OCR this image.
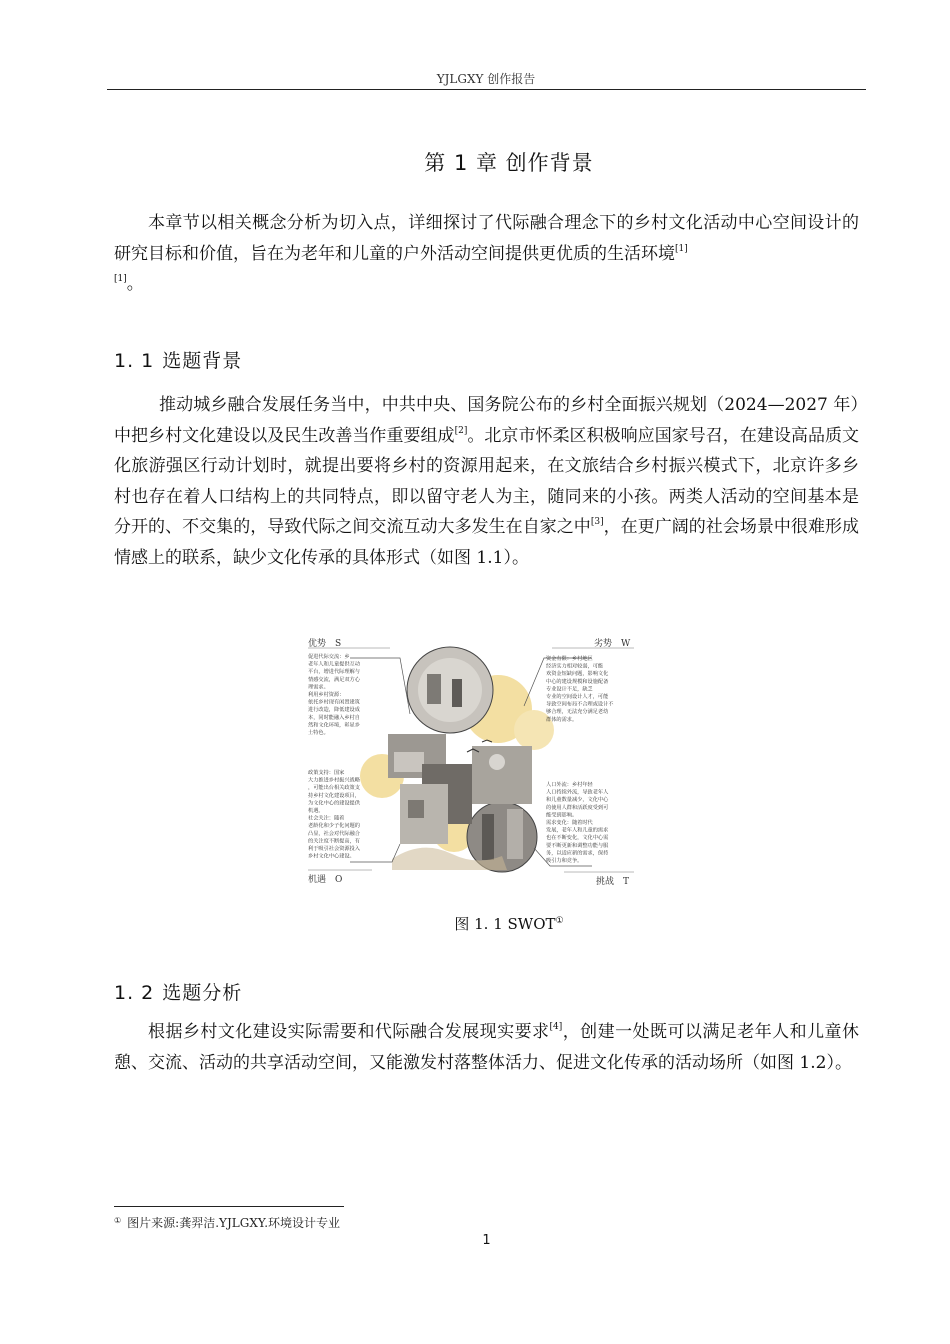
YJLGXY 创作报告
第 1 章 创作背景

本章节以相关概念分析为切入点，详细探讨了代际融合理念下的乡村文化活动中心空间设计的研究目标和价值，旨在为老年和儿童的户外活动空间提供更优质的生活环境[1]
[1]。

1. 1 选题背景

推动城乡融合发展任务当中，中共中央、国务院公布的乡村全面振兴规划（2024—2027 年）中把乡村文化建设以及民生改善当作重要组成[2]。北京市怀柔区积极响应国家号召，在建设高品质文化旅游强区行动计划时，就提出要将乡村的资源用起来，在文旅结合乡村振兴模式下，北京许多乡村也存在着人口结构上的共同特点，即以留守老人为主，随同来的小孩。两类人活动的空间基本是分开的、不交集的，导致代际之间交流互动大多发生在自家之中[3]，在更广阔的社会场景中很难形成情感上的联系，缺少文化传承的具体形式（如图 1.1）。

优势　S	劣势　W
机遇　O	挑战　T
促进代际交流：乡
老年人和儿童提供互动
平台，增进代际理解与
情感交流，满足双方心
理需求。
利用乡村资源：
依托乡村现有闲置建筑
进行改造，降低建设成
本，同时能融入乡村自
然和文化环境，彰显乡
土特色。
资金有限：乡村地区
经济实力相对较弱，可能
欢资金短缺问题，影响文化
中心的建设规模和设施配备
专业设计不足，缺乏
专业的空间设计人才，可能
导致空间布局不合理或设计不
够合理，无法充分满足老幼
群体的需求。
政策支持：国家
大力推进乡村振兴战略
，可能出台相关政策支
持乡村文化建设项目，
为文化中心的建设提供
机遇。
社会关注：随着
老龄化和少子化问题的
凸显，社会对代际融合
的关注度不断提高，有
利于吸引社会资源投入
乡村文化中心建设。
人口外流：乡村年轻
人口持续外流，导致老年人
和儿童数量减少，文化中心
的使用人群和活跃度受到可
能受到影响。
需求变化：随着时代
发展，老年人和儿童的需求
也在不断变化，文化中心需
要不断更新和调整功能与服
务，以适应新的需求，保持
吸引力和竞争。
图 1. 1 SWOT①
1. 2 选题分析

根据乡村文化建设实际需要和代际融合发展现实要求[4]，创建一处既可以满足老年人和儿童休憩、交流、活动的共享活动空间，又能激发村落整体活力、促进文化传承的活动场所（如图 1.2）。

① 图片来源:龚羿洁.YJLGXY.环境设计专业
1
